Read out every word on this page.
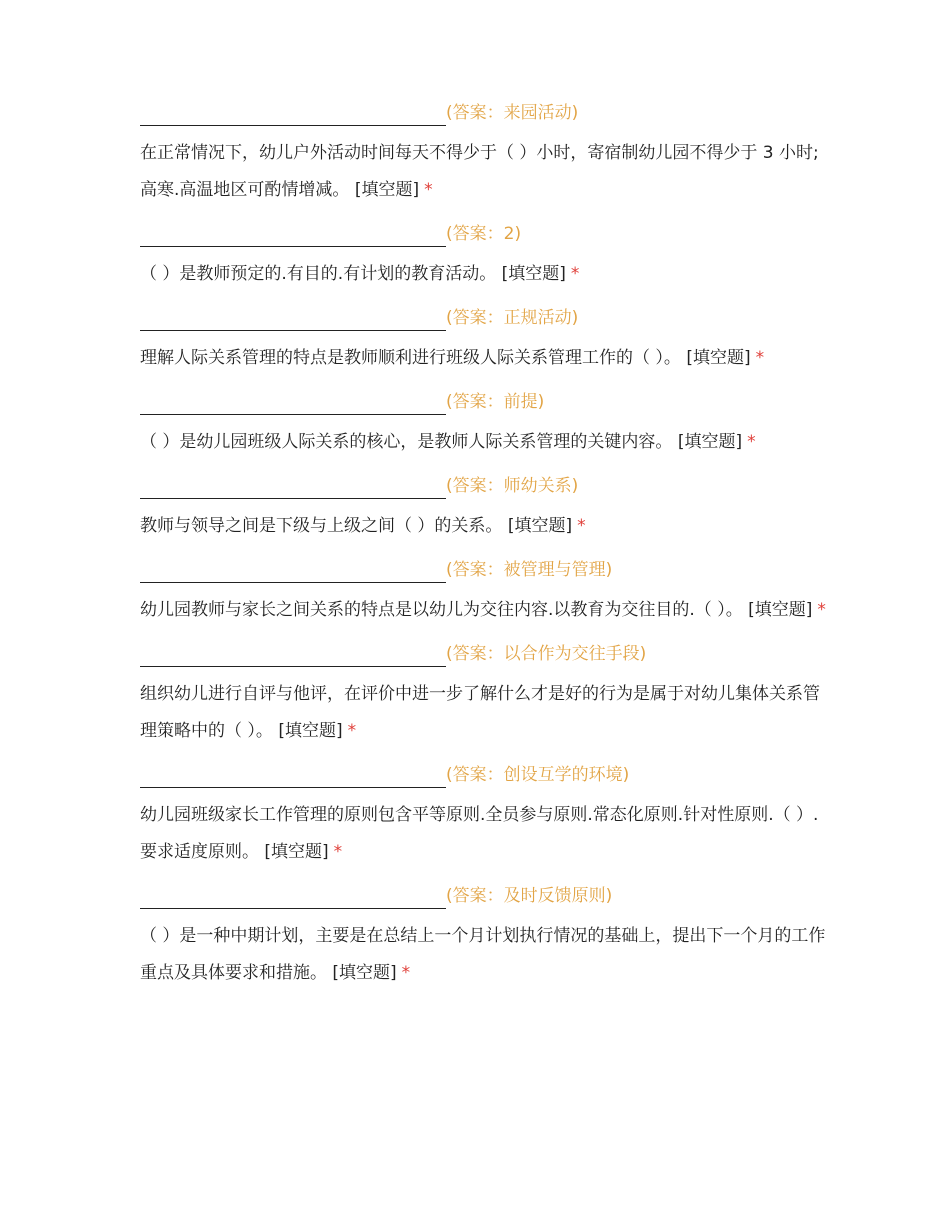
(答案：来园活动)

在正常情况下，幼儿户外活动时间每天不得少于（ ）小时，寄宿制幼儿园不得少于 3 小时;高寒.高温地区可酌情增减。 [填空题] *

(答案：2)

（ ）是教师预定的.有目的.有计划的教育活动。 [填空题] *

(答案：正规活动)

理解人际关系管理的特点是教师顺利进行班级人际关系管理工作的（ ）。 [填空题] *

(答案：前提)

（ ）是幼儿园班级人际关系的核心，是教师人际关系管理的关键内容。 [填空题] *

(答案：师幼关系)

教师与领导之间是下级与上级之间（ ）的关系。 [填空题] *

(答案：被管理与管理)

幼儿园教师与家长之间关系的特点是以幼儿为交往内容.以教育为交往目的.（ ）。 [填空题] *

(答案：以合作为交往手段)

组织幼儿进行自评与他评，在评价中进一步了解什么才是好的行为是属于对幼儿集体关系管理策略中的（ ）。 [填空题] *

(答案：创设互学的环境)

幼儿园班级家长工作管理的原则包含平等原则.全员参与原则.常态化原则.针对性原则.（ ）.要求适度原则。 [填空题] *

(答案：及时反馈原则)

（ ）是一种中期计划，主要是在总结上一个月计划执行情况的基础上，提出下一个月的工作重点及具体要求和措施。 [填空题] *
